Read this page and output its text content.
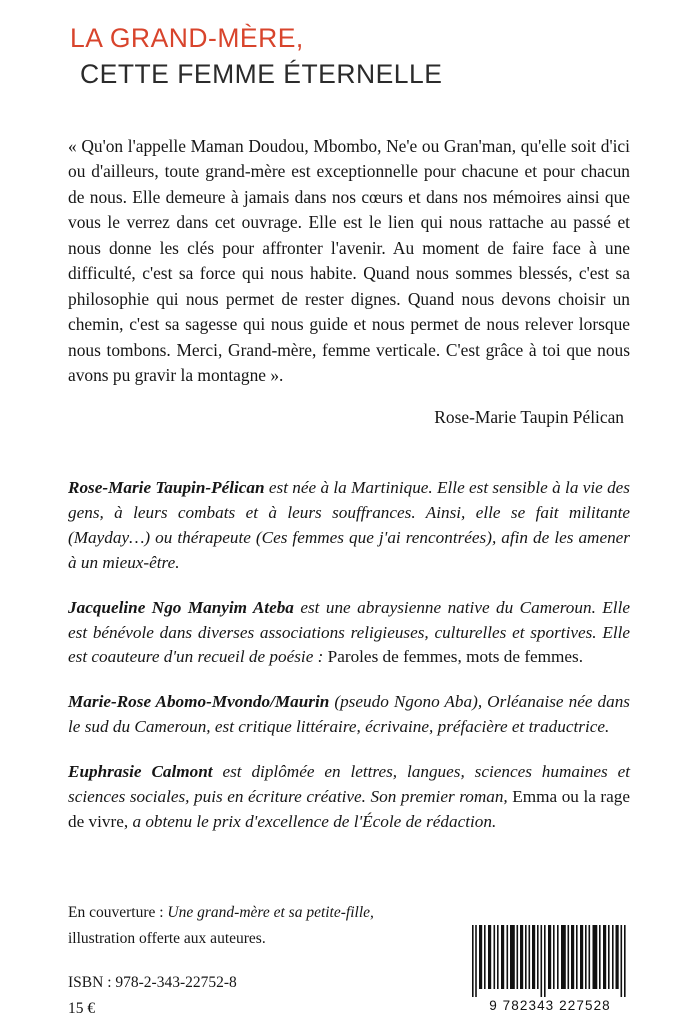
LA GRAND-MÈRE,
CETTE FEMME ÉTERNELLE

« Qu'on l'appelle Maman Doudou, Mbombo, Ne'e ou Gran'man, qu'elle soit d'ici ou d'ailleurs, toute grand-mère est exceptionnelle pour chacune et pour chacun de nous. Elle demeure à jamais dans nos cœurs et dans nos mémoires ainsi que vous le verrez dans cet ouvrage. Elle est le lien qui nous rattache au passé et nous donne les clés pour affronter l'avenir. Au moment de faire face à une difficulté, c'est sa force qui nous habite. Quand nous sommes blessés, c'est sa philosophie qui nous permet de rester dignes. Quand nous devons choisir un chemin, c'est sa sagesse qui nous guide et nous permet de nous relever lorsque nous tombons. Merci, Grand-mère, femme verticale. C'est grâce à toi que nous avons pu gravir la montagne ».

Rose-Marie Taupin Pélican

Rose-Marie Taupin-Pélican est née à la Martinique. Elle est sensible à la vie des gens, à leurs combats et à leurs souffrances. Ainsi, elle se fait militante (Mayday…) ou thérapeute (Ces femmes que j'ai rencontrées), afin de les amener à un mieux-être.

Jacqueline Ngo Manyim Ateba est une abraysienne native du Cameroun. Elle est bénévole dans diverses associations religieuses, culturelles et sportives. Elle est coauteure d'un recueil de poésie : Paroles de femmes, mots de femmes.

Marie-Rose Abomo-Mvondo/Maurin (pseudo Ngono Aba), Orléanaise née dans le sud du Cameroun, est critique littéraire, écrivaine, préfacière et traductrice.

Euphrasie Calmont est diplômée en lettres, langues, sciences humaines et sciences sociales, puis en écriture créative. Son premier roman, Emma ou la rage de vivre, a obtenu le prix d'excellence de l'École de rédaction.

En couverture : Une grand-mère et sa petite-fille,
illustration offerte aux auteures.
ISBN : 978-2-343-22752-8
15 €	9 782343 227528
